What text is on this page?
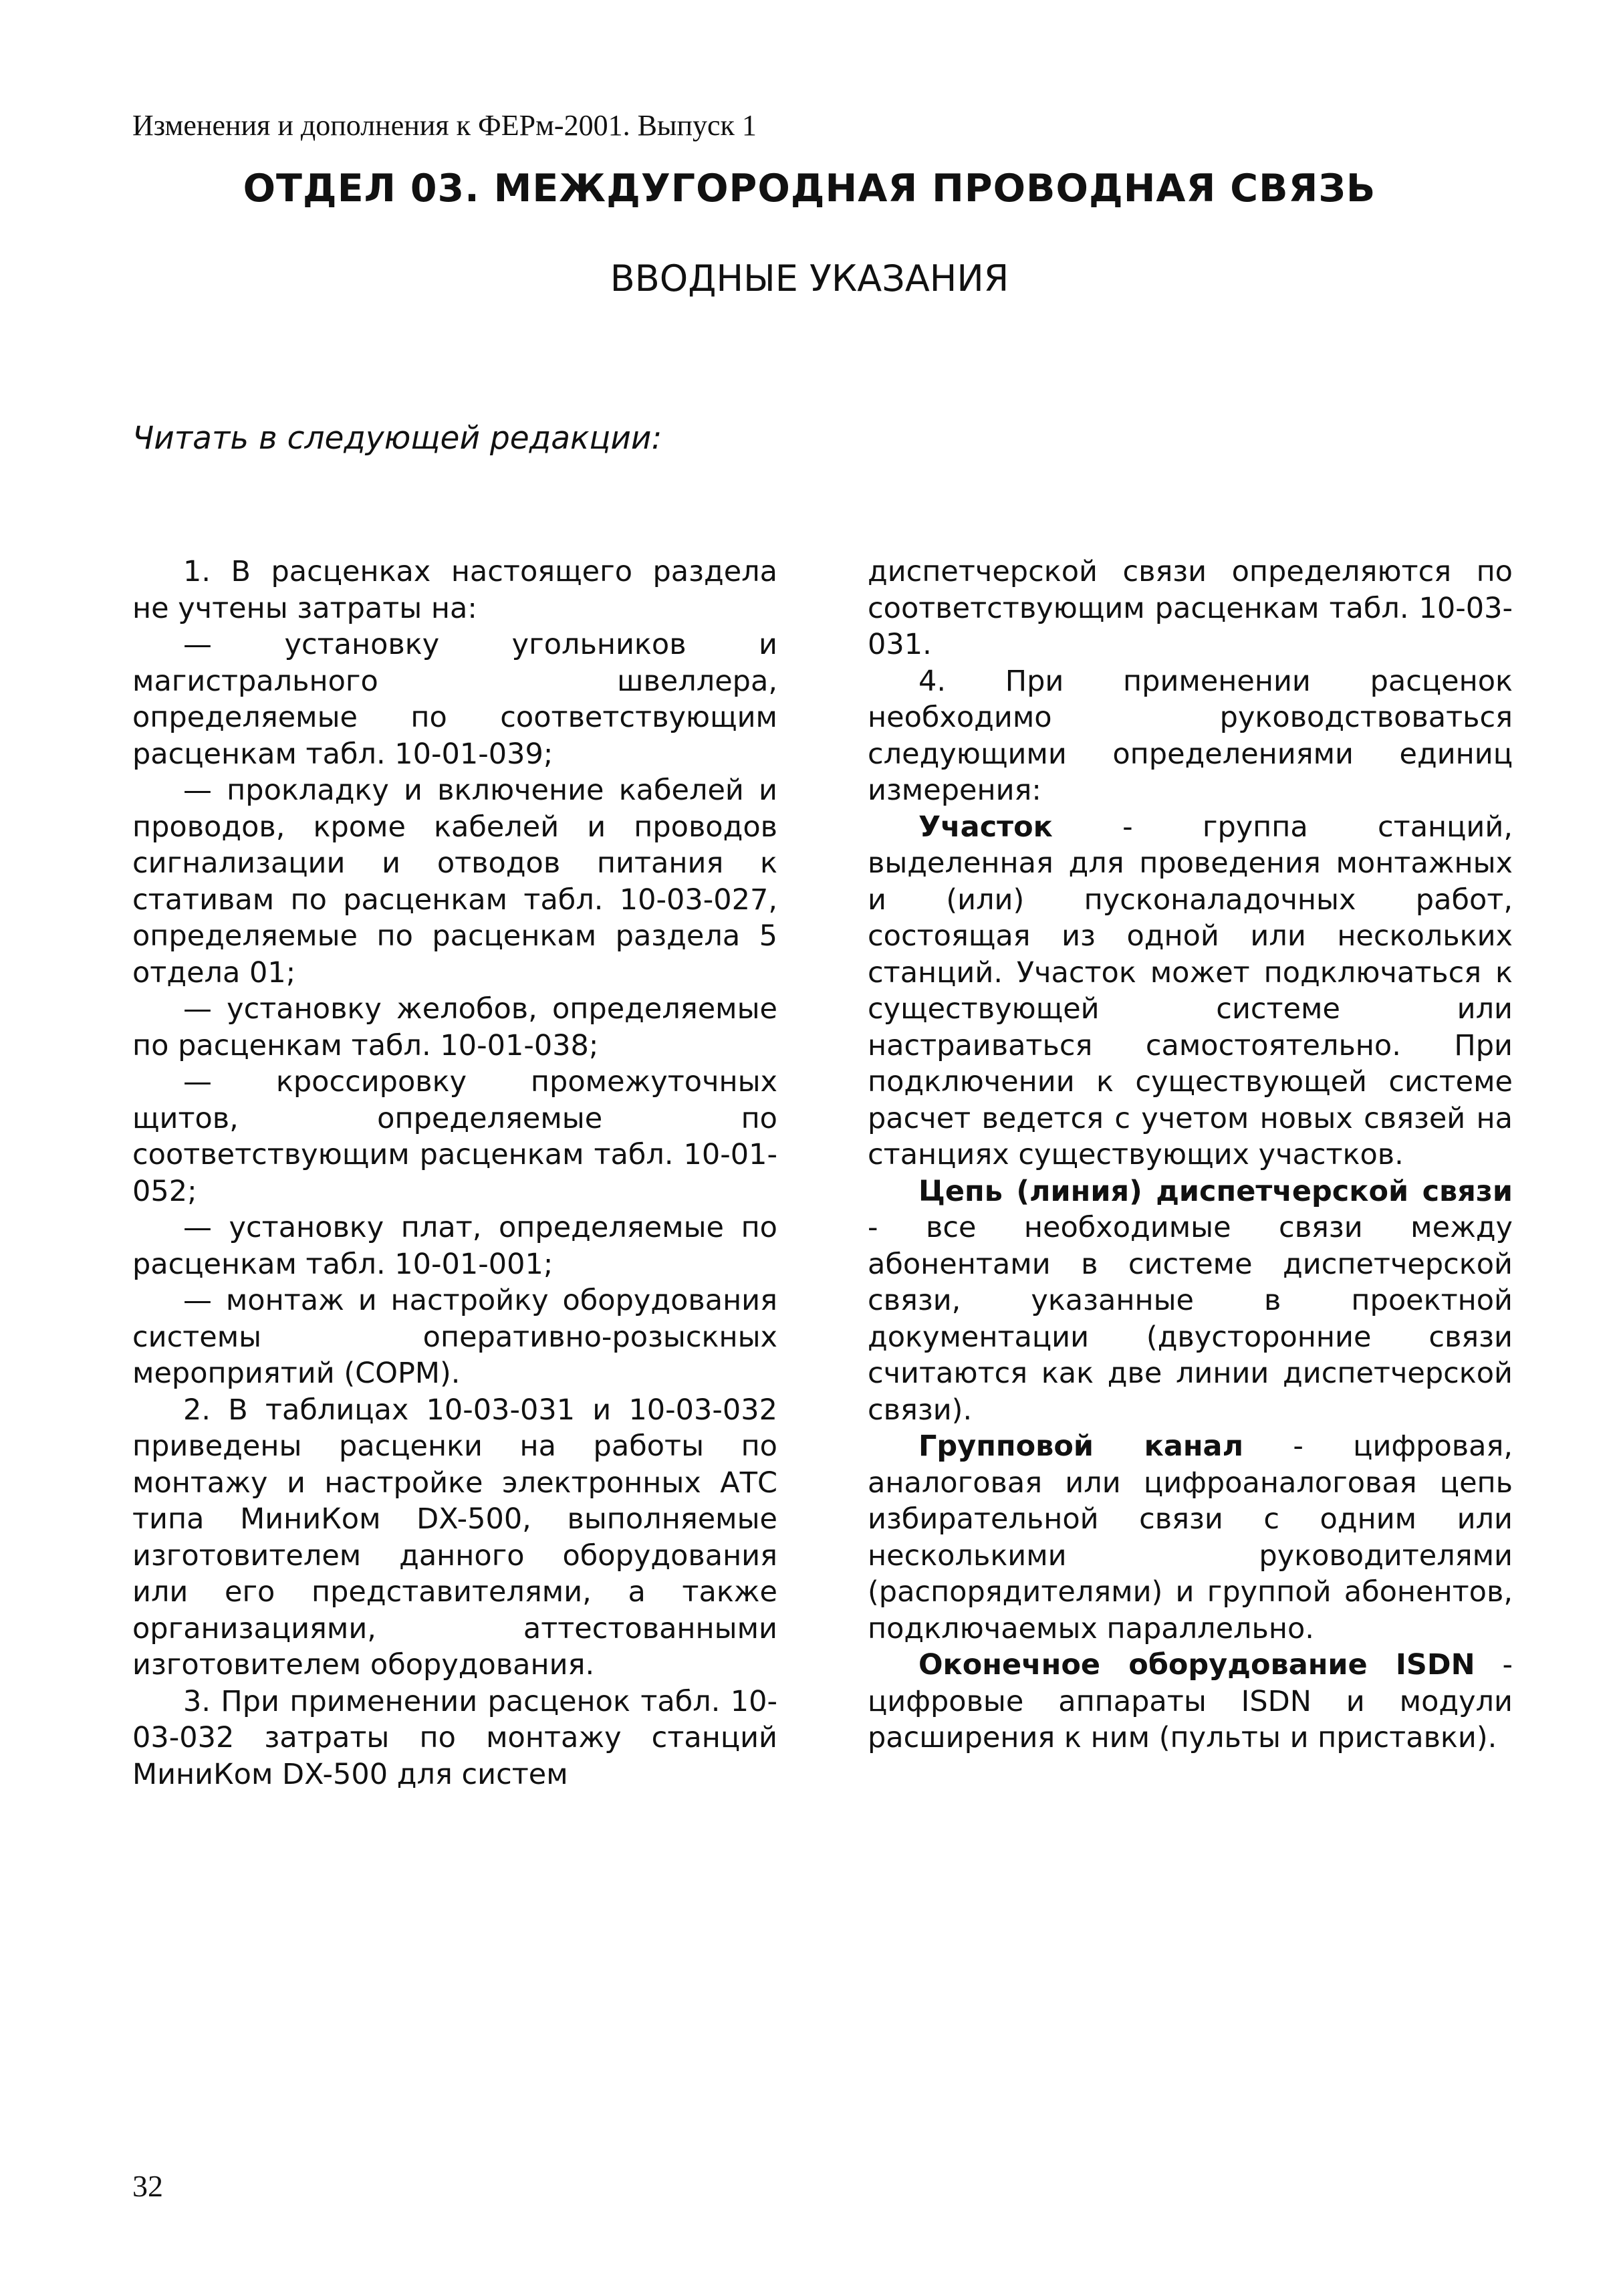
Изменения и дополнения к ФЕРм-2001. Выпуск 1
ОТДЕЛ 03. МЕЖДУГОРОДНАЯ ПРОВОДНАЯ СВЯЗЬ
ВВОДНЫЕ УКАЗАНИЯ
Читать в следующей редакции:

1. В расценках настоящего раздела не учтены затраты на:

— установку угольников и магистрального швеллера, определяемые по соответствующим расценкам табл. 10-01-039;

— прокладку и включение кабелей и проводов, кроме кабелей и проводов сигнализации и отводов питания к стативам по расценкам табл. 10-03-027, определяемые по расценкам раздела 5 отдела 01;

— установку желобов, определяемые по расценкам табл. 10-01-038;

— кроссировку промежуточных щитов, определяемые по соответствующим расценкам табл. 10-01-052;

— установку плат, определяемые по расценкам табл. 10-01-001;

— монтаж и настройку оборудования системы оперативно-розыскных мероприятий (СОРМ).

2. В таблицах 10-03-031 и 10-03-032 приведены расценки на работы по монтажу и настройке электронных АТС типа МиниКом DX-500, выполняемые изготовителем данного оборудования или его представителями, а также организациями, аттестованными изготовителем оборудования.

3. При применении расценок табл. 10-03-032 затраты по монтажу станций МиниКом DX-500 для систем

диспетчерской связи определяются по соответствующим расценкам табл. 10-03-031.

4. При применении расценок необходимо руководствоваться следующими определениями единиц измерения:

Участок - группа станций, выделенная для проведения монтажных и (или) пусконаладочных работ, состоящая из одной или нескольких станций. Участок может подключаться к существующей системе или настраиваться самостоятельно. При подключении к существующей системе расчет ведется с учетом новых связей на станциях существующих участков.

Цепь (линия) диспетчерской связи - все необходимые связи между абонентами в системе диспетчерской связи, указанные в проектной документации (двусторонние связи считаются как две линии диспетчерской связи).

Групповой канал - цифровая, аналоговая или цифроаналоговая цепь избирательной связи с одним или несколькими руководителями (распорядителями) и группой абонентов, подключаемых параллельно.

Оконечное оборудование ISDN - цифровые аппараты ISDN и модули расширения к ним (пульты и приставки).

32
